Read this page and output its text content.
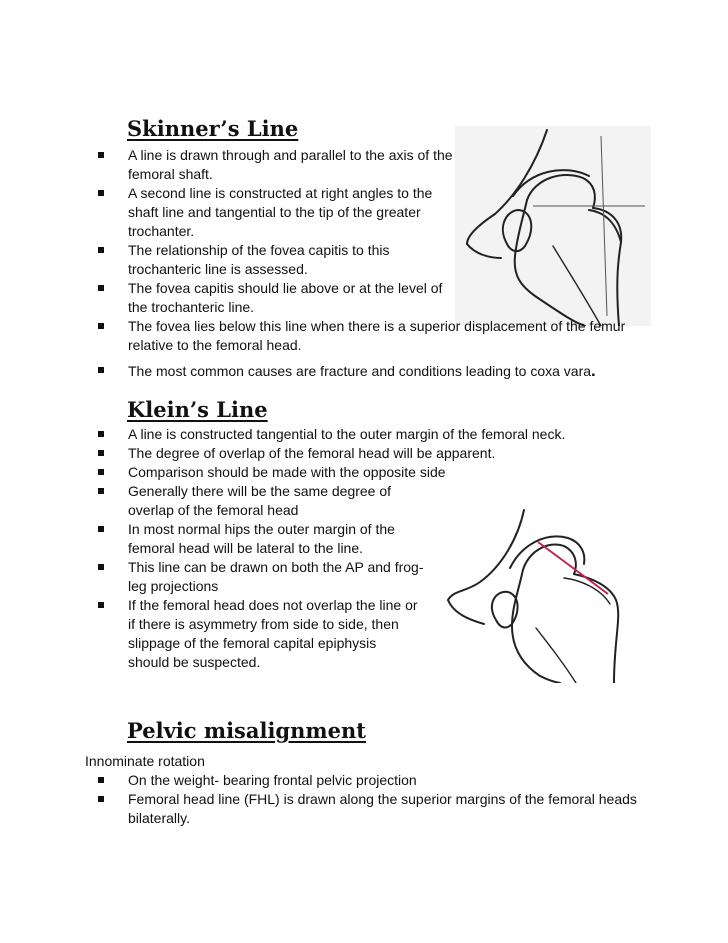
Skinner’s Line
A line is drawn through and parallel to the axis of the femoral shaft.
A second line is constructed at right angles to the shaft line and tangential to the tip of the greater trochanter.
The relationship of the fovea capitis to this trochanteric line is assessed.
The fovea capitis should lie above or at the level of the trochanteric line.
The fovea lies below this line when there is a superior displacement of the femur relative to the femoral head.
The most common causes are fracture and conditions leading to coxa vara.
Klein’s Line
A line is constructed tangential to the outer margin of the femoral neck.
The degree of overlap of the femoral head will be apparent.
Comparison should be made with the opposite side
Generally there will be the same degree of overlap of the femoral head
In most normal hips the outer margin of the femoral head will be lateral to the line.
This line can be drawn on both the AP and frog-leg projections
If the femoral head does not overlap the line or if there is asymmetry from side to side, then slippage of the femoral capital epiphysis should be suspected.
Pelvic misalignment

Innominate rotation

On the weight- bearing frontal pelvic projection
Femoral head line (FHL) is drawn along the superior margins of the femoral heads bilaterally.
